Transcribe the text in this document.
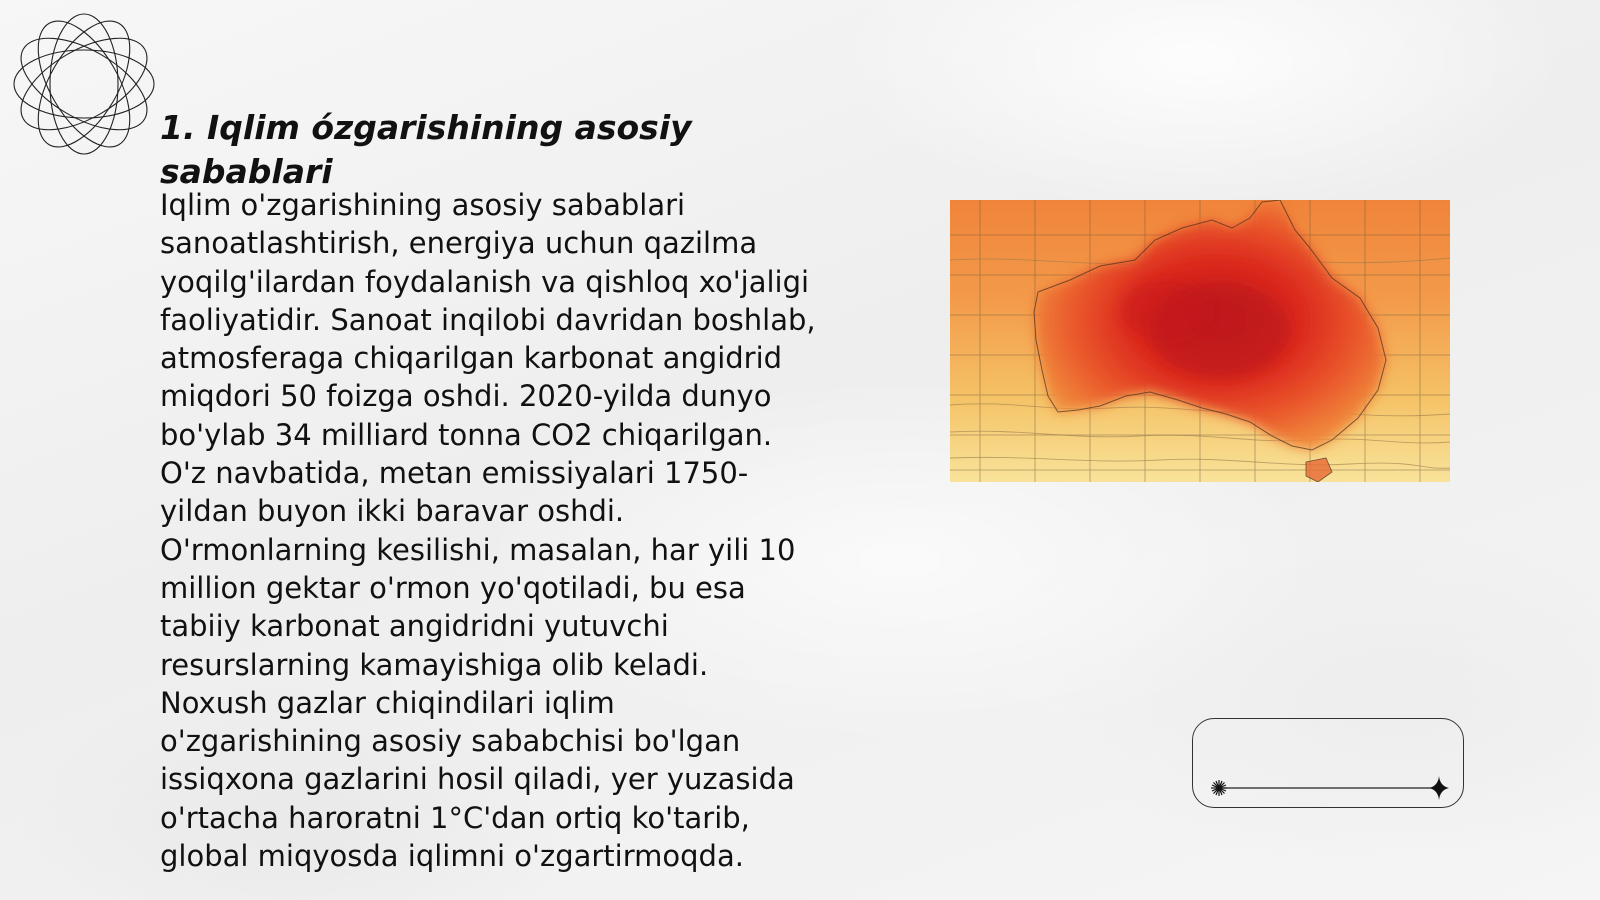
1. Iqlim ózgarishining asosiy sabablari

Iqlim o'zgarishining asosiy sabablari
sanoatlashtirish, energiya uchun qazilma
yoqilg'ilardan foydalanish va qishloq xo'jaligi
faoliyatidir. Sanoat inqilobi davridan boshlab,
atmosferaga chiqarilgan karbonat angidrid
miqdori 50 foizga oshdi. 2020-yilda dunyo
bo'ylab 34 milliard tonna CO2 chiqarilgan.
O'z navbatida, metan emissiyalari 1750-
yildan buyon ikki baravar oshdi.
O'rmonlarning kesilishi, masalan, har yili 10
million gektar o'rmon yo'qotiladi, bu esa
tabiiy karbonat angidridni yutuvchi
resurslarning kamayishiga olib keladi.
Noxush gazlar chiqindilari iqlim
o'zgarishining asosiy sababchisi bo'lgan
issiqxona gazlarini hosil qiladi, yer yuzasida
o'rtacha haroratni 1°C'dan ortiq ko'tarib,
global miqyosda iqlimni o'zgartirmoqda.
